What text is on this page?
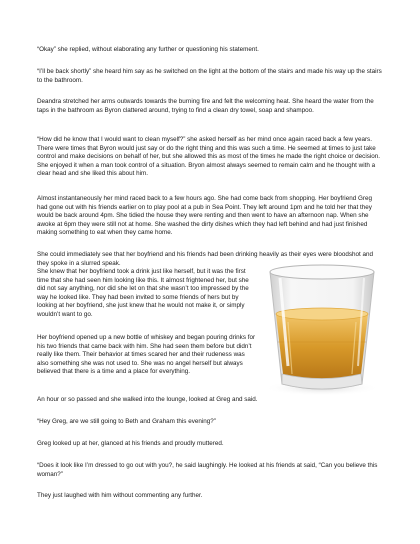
“Okay” she replied, without elaborating any further or questioning his statement.

“I’ll be back shortly” she heard him say as he switched on the light at the bottom of the stairs and made his way up the stairs to the bathroom.

Deandra stretched her arms outwards towards the burning fire and felt the welcoming heat. She heard the water from the taps in the bathroom as Byron clattered around, trying to find a clean dry towel, soap and shampoo.

“How did he know that I would want to clean myself?” she asked herself as her mind once again raced back a few years. There were times that Byron would just say or do the right thing and this was such a time. He seemed at times to just take control and make decisions on behalf of her, but she allowed this as most of the times he made the right choice or decision. She enjoyed it when a man took control of a situation. Bryon almost always seemed to remain calm and he thought with a clear head and she liked this about him.

Almost instantaneously her mind raced back to a few hours ago. She had come back from shopping. Her boyfriend Greg had gone out with his friends earlier on to play pool at a pub in Sea Point. They left around 1pm and he told her that they would be back around 4pm. She tidied the house they were renting and then went to have an afternoon nap. When she awoke at 6pm they were still not at home. She washed the dirty dishes which they had left behind and had just finished making something to eat when they came home.

She could immediately see that her boyfriend and his friends had been drinking heavily as their eyes were bloodshot and they spoke in a slurred speak.

She knew that her boyfriend took a drink just like herself, but it was the first time that she had seen him looking like this. It almost frightened her, but she did not say anything, nor did she let on that she wasn’t too impressed by the way he looked like. They had been invited to some friends of hers but by looking at her boyfriend, she just knew that he would not make it, or simply wouldn’t want to go.

Her boyfriend opened up a new bottle of whiskey and began pouring drinks for his two friends that came back with him. She had seen them before but didn’t really like them. Their behavior at times scared her and their rudeness was also something she was not used to. She was no angel herself but always believed that there is a time and a place for everything.

An hour or so passed and she walked into the lounge, looked at Greg and said.

“Hey Greg, are we still going to Beth and Graham this evening?”

Greg looked up at her, glanced at his friends and proudly muttered.

“Does it look like I’m dressed to go out with you?, he said laughingly. He looked at his friends at said, “Can you believe this woman?”

They just laughed with him without commenting any further.
